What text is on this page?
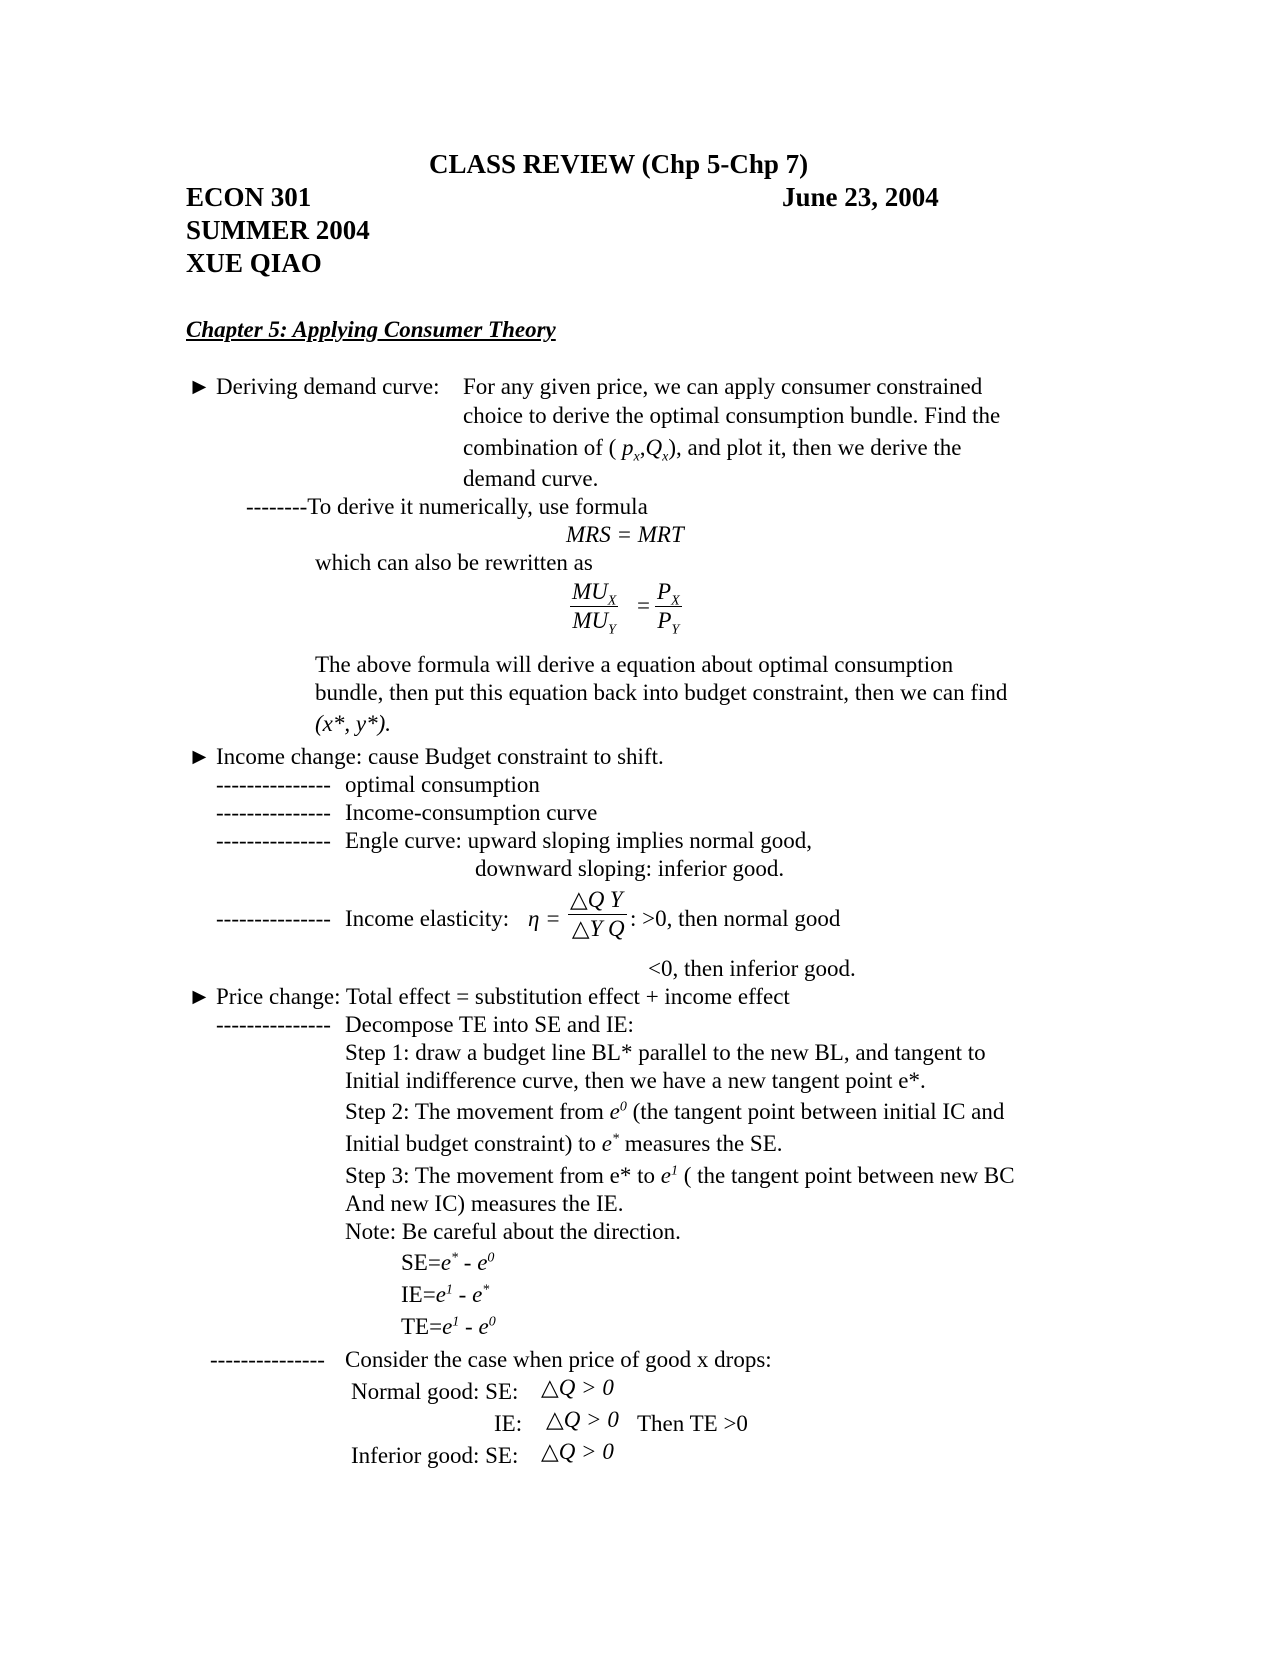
CLASS REVIEW (Chp 5-Chp 7)
ECON 301	June 23, 2004
SUMMER 2004
XUE QIAO
Chapter 5: Applying Consumer Theory
► Deriving demand curve: For any given price, we can apply consumer constrained
choice to derive the optimal consumption bundle. Find the
combination of ( $p_x,Q_x$), and plot it, then we derive the
demand curve.
--------To derive it numerically, use formula
MRS = MRT
which can also be rewritten as
$MU_X$
$MU_Y$
= $\frac{P_X}{P_Y}$
The above formula will derive a equation about optimal consumption
bundle, then put this equation back into budget constraint, then we can find
(x*, y*).
► Income change: cause Budget constraint to shift.
--------------- optimal consumption
--------------- Income-consumption curve
--------------- Engle curve: upward sloping implies normal good,
downward sloping: inferior good.
--------------- Income elasticity: $\eta = \frac{\triangle Q}{\triangle Y} \frac{Y}{Q}$ : >0, then normal good
<0, then inferior good.
► Price change: Total effect = substitution effect + income effect
--------------- Decompose TE into SE and IE:
Step 1: draw a budget line BL* parallel to the new BL, and tangent to
Initial indifference curve, then we have a new tangent point e*.
Step 2: The movement from $e^0$ (the tangent point between initial IC and
Initial budget constraint) to e* measures the SE.
Step 3: The movement from e* to $e^1$ ( the tangent point between new BC
And new IC) measures the IE.
Note: Be careful about the direction.
$SE=e^* - e^0$
$IE=e^1 - e^*$
$TE=e^1 - e^0$
--------------- Consider the case when price of good x drops:
Normal good: SE: △Q > 0
IE: △Q > 0 Then TE >0
Inferior good: SE: △Q > 0
